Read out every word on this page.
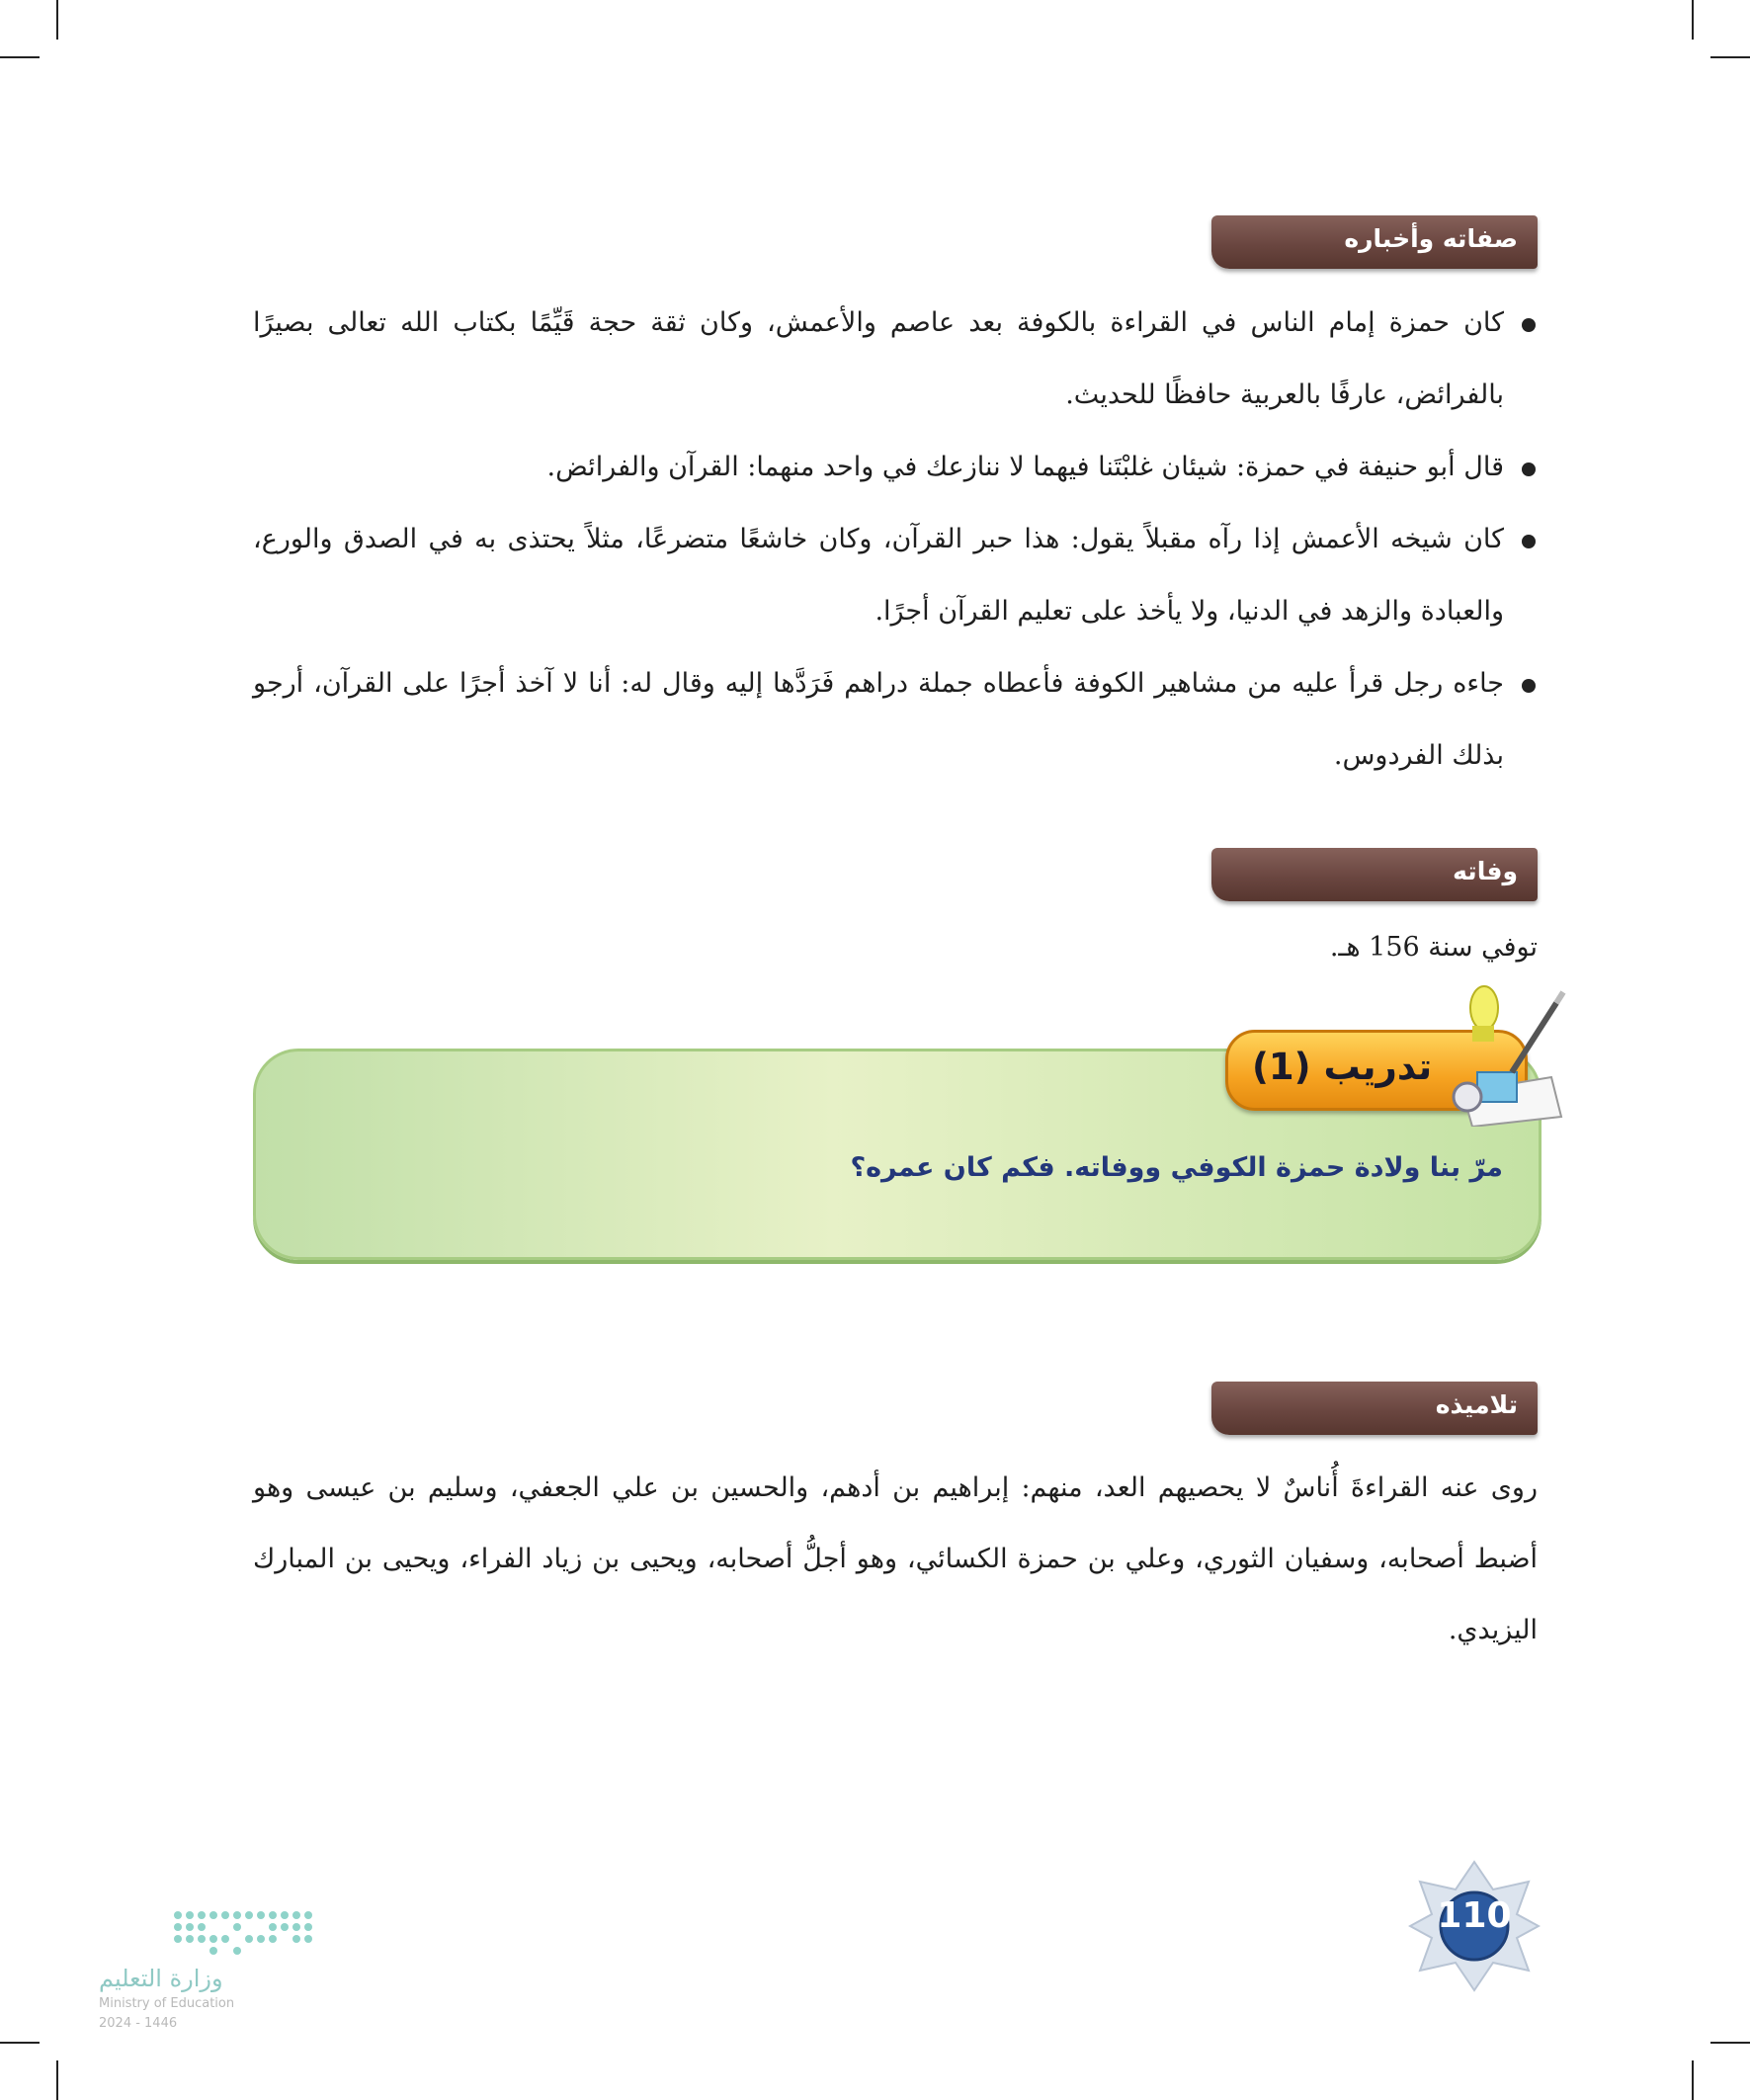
صفاته وأخباره
كان حمزة إمام الناس في القراءة بالكوفة بعد عاصم والأعمش، وكان ثقة حجة قَيِّمًا بكتاب الله تعالى بصيرًا بالفرائض، عارفًا بالعربية حافظًا للحديث.
قال أبو حنيفة في حمزة: شيئان غلبْتَنا فيهما لا ننازعك في واحد منهما: القرآن والفرائض.
كان شيخه الأعمش إذا رآه مقبلاً يقول: هذا حبر القرآن، وكان خاشعًا متضرعًا، مثلاً يحتذى به في الصدق والورع، والعبادة والزهد في الدنيا، ولا يأخذ على تعليم القرآن أجرًا.
جاءه رجل قرأ عليه من مشاهير الكوفة فأعطاه جملة دراهم فَرَدَّها إليه وقال له: أنا لا آخذ أجرًا على القرآن، أرجو بذلك الفردوس.
وفاته
توفي سنة 156 هـ.
تدريب (1)
مرّ بنا ولادة حمزة الكوفي ووفاته. فكم كان عمره؟
تلاميذه
روى عنه القراءةَ أُناسٌ لا يحصيهم العد، منهم: إبراهيم بن أدهم، والحسين بن علي الجعفي، وسليم بن عيسى وهو أضبط أصحابه، وسفيان الثوري، وعلي بن حمزة الكسائي، وهو أجلُّ أصحابه، ويحيى بن زياد الفراء، ويحيى بن المبارك اليزيدي.
110
وزارة التعليم
Ministry of Education
2024 - 1446
